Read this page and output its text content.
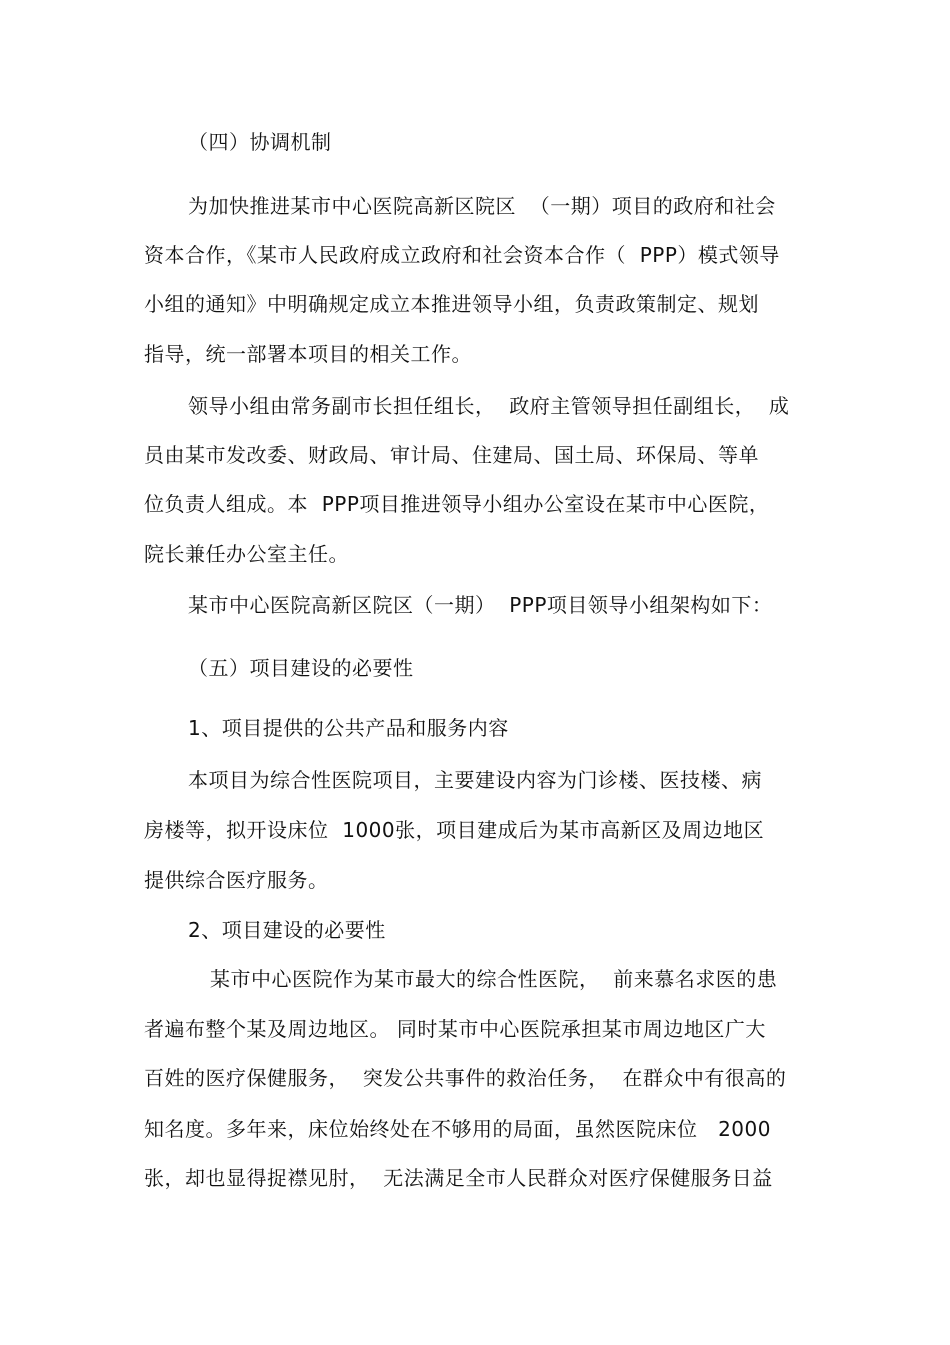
（四）协调机制
为加快推进某市中心医院高新区院区  （一期）项目的政府和社会
资本合作，《某市人民政府成立政府和社会资本合作（  PPP）模式领导
小组的通知》中明确规定成立本推进领导小组，负责政策制定、规划
指导，统一部署本项目的相关工作。
领导小组由常务副市长担任组长，  政府主管领导担任副组长，  成
员由某市发改委、财政局、审计局、住建局、国土局、环保局、等单
位负责人组成。本  PPP项目推进领导小组办公室设在某市中心医院，
院长兼任办公室主任。
某市中心医院高新区院区（一期）  PPP项目领导小组架构如下：
（五）项目建设的必要性
1、项目提供的公共产品和服务内容
本项目为综合性医院项目，主要建设内容为门诊楼、医技楼、病
房楼等，拟开设床位  1000张，项目建成后为某市高新区及周边地区
提供综合医疗服务。
2、项目建设的必要性
某市中心医院作为某市最大的综合性医院，  前来慕名求医的患
者遍布整个某及周边地区。 同时某市中心医院承担某市周边地区广大
百姓的医疗保健服务，  突发公共事件的救治任务，  在群众中有很高的
知名度。多年来，床位始终处在不够用的局面，虽然医院床位   2000
张，却也显得捉襟见肘，  无法满足全市人民群众对医疗保健服务日益
